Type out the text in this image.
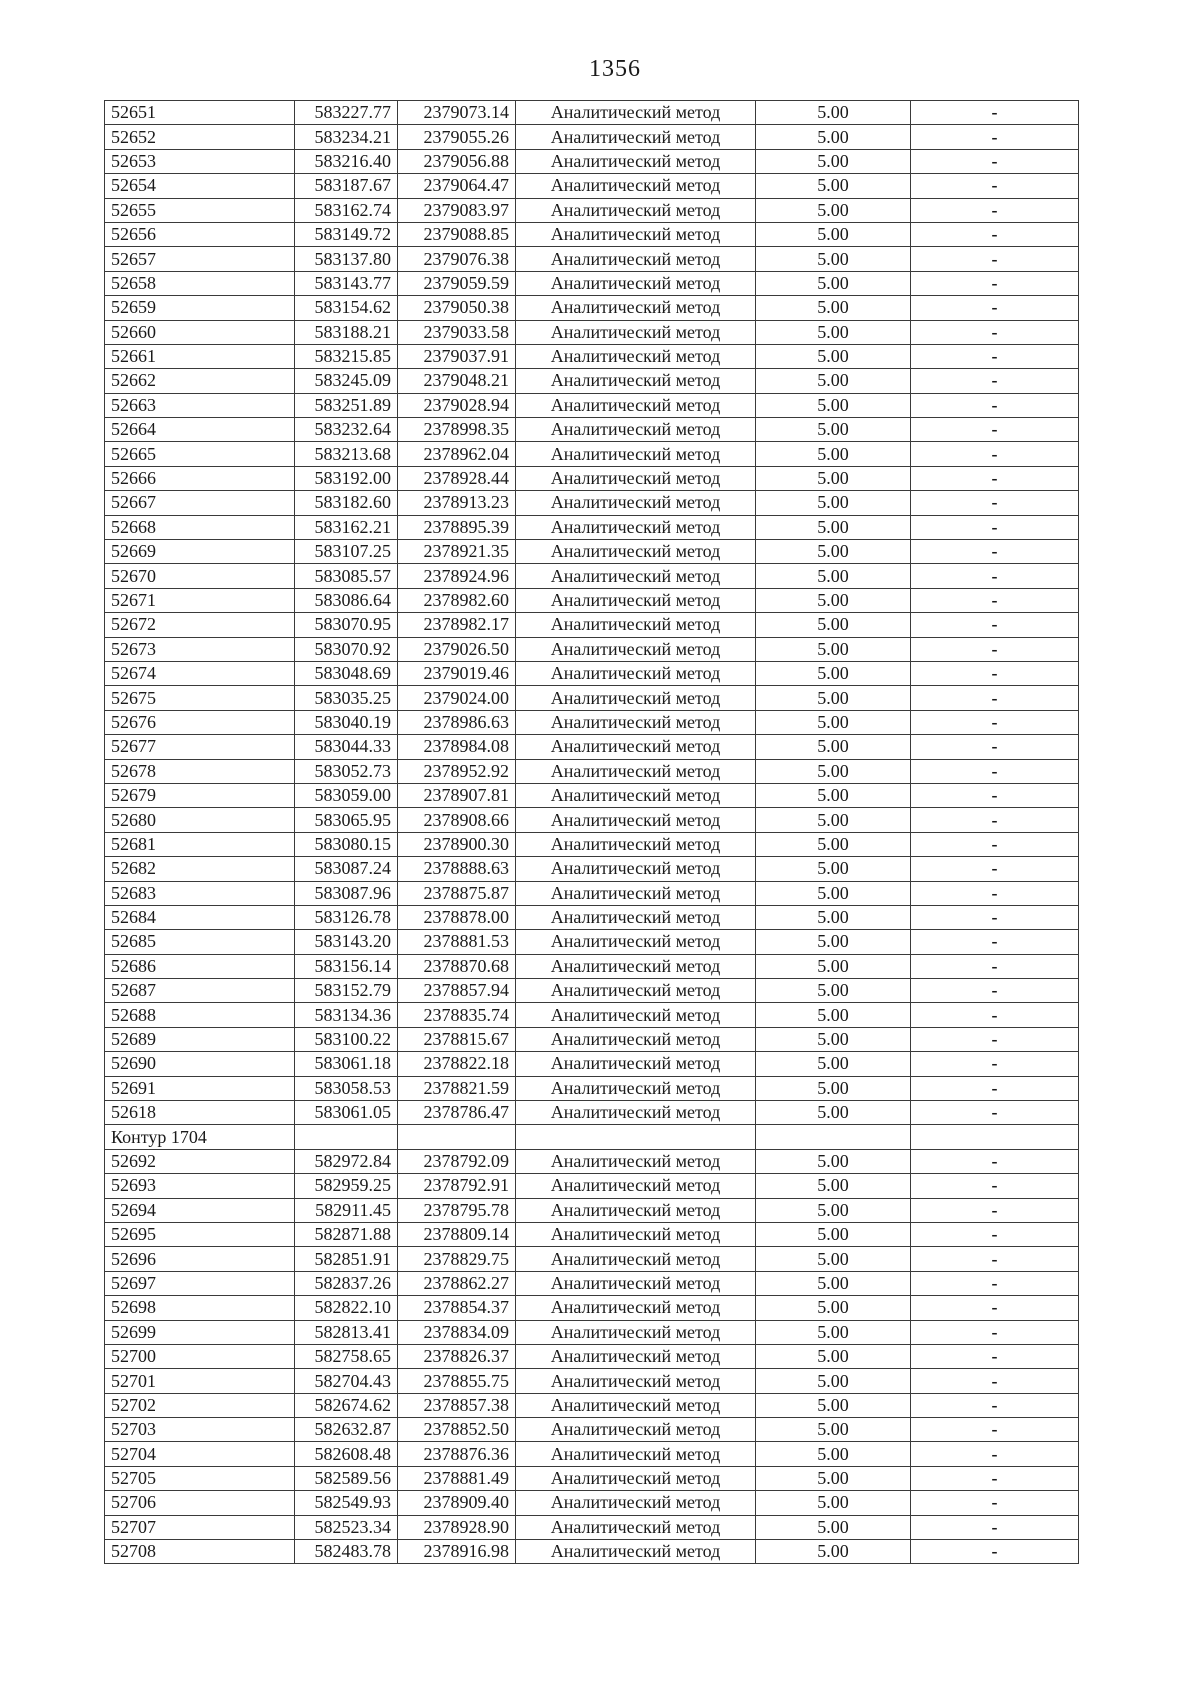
1356
52651	583227.77	2379073.14	Аналитический метод	5.00	-
52652	583234.21	2379055.26	Аналитический метод	5.00	-
52653	583216.40	2379056.88	Аналитический метод	5.00	-
52654	583187.67	2379064.47	Аналитический метод	5.00	-
52655	583162.74	2379083.97	Аналитический метод	5.00	-
52656	583149.72	2379088.85	Аналитический метод	5.00	-
52657	583137.80	2379076.38	Аналитический метод	5.00	-
52658	583143.77	2379059.59	Аналитический метод	5.00	-
52659	583154.62	2379050.38	Аналитический метод	5.00	-
52660	583188.21	2379033.58	Аналитический метод	5.00	-
52661	583215.85	2379037.91	Аналитический метод	5.00	-
52662	583245.09	2379048.21	Аналитический метод	5.00	-
52663	583251.89	2379028.94	Аналитический метод	5.00	-
52664	583232.64	2378998.35	Аналитический метод	5.00	-
52665	583213.68	2378962.04	Аналитический метод	5.00	-
52666	583192.00	2378928.44	Аналитический метод	5.00	-
52667	583182.60	2378913.23	Аналитический метод	5.00	-
52668	583162.21	2378895.39	Аналитический метод	5.00	-
52669	583107.25	2378921.35	Аналитический метод	5.00	-
52670	583085.57	2378924.96	Аналитический метод	5.00	-
52671	583086.64	2378982.60	Аналитический метод	5.00	-
52672	583070.95	2378982.17	Аналитический метод	5.00	-
52673	583070.92	2379026.50	Аналитический метод	5.00	-
52674	583048.69	2379019.46	Аналитический метод	5.00	-
52675	583035.25	2379024.00	Аналитический метод	5.00	-
52676	583040.19	2378986.63	Аналитический метод	5.00	-
52677	583044.33	2378984.08	Аналитический метод	5.00	-
52678	583052.73	2378952.92	Аналитический метод	5.00	-
52679	583059.00	2378907.81	Аналитический метод	5.00	-
52680	583065.95	2378908.66	Аналитический метод	5.00	-
52681	583080.15	2378900.30	Аналитический метод	5.00	-
52682	583087.24	2378888.63	Аналитический метод	5.00	-
52683	583087.96	2378875.87	Аналитический метод	5.00	-
52684	583126.78	2378878.00	Аналитический метод	5.00	-
52685	583143.20	2378881.53	Аналитический метод	5.00	-
52686	583156.14	2378870.68	Аналитический метод	5.00	-
52687	583152.79	2378857.94	Аналитический метод	5.00	-
52688	583134.36	2378835.74	Аналитический метод	5.00	-
52689	583100.22	2378815.67	Аналитический метод	5.00	-
52690	583061.18	2378822.18	Аналитический метод	5.00	-
52691	583058.53	2378821.59	Аналитический метод	5.00	-
52618	583061.05	2378786.47	Аналитический метод	5.00	-
Контур 1704					
52692	582972.84	2378792.09	Аналитический метод	5.00	-
52693	582959.25	2378792.91	Аналитический метод	5.00	-
52694	582911.45	2378795.78	Аналитический метод	5.00	-
52695	582871.88	2378809.14	Аналитический метод	5.00	-
52696	582851.91	2378829.75	Аналитический метод	5.00	-
52697	582837.26	2378862.27	Аналитический метод	5.00	-
52698	582822.10	2378854.37	Аналитический метод	5.00	-
52699	582813.41	2378834.09	Аналитический метод	5.00	-
52700	582758.65	2378826.37	Аналитический метод	5.00	-
52701	582704.43	2378855.75	Аналитический метод	5.00	-
52702	582674.62	2378857.38	Аналитический метод	5.00	-
52703	582632.87	2378852.50	Аналитический метод	5.00	-
52704	582608.48	2378876.36	Аналитический метод	5.00	-
52705	582589.56	2378881.49	Аналитический метод	5.00	-
52706	582549.93	2378909.40	Аналитический метод	5.00	-
52707	582523.34	2378928.90	Аналитический метод	5.00	-
52708	582483.78	2378916.98	Аналитический метод	5.00	-
